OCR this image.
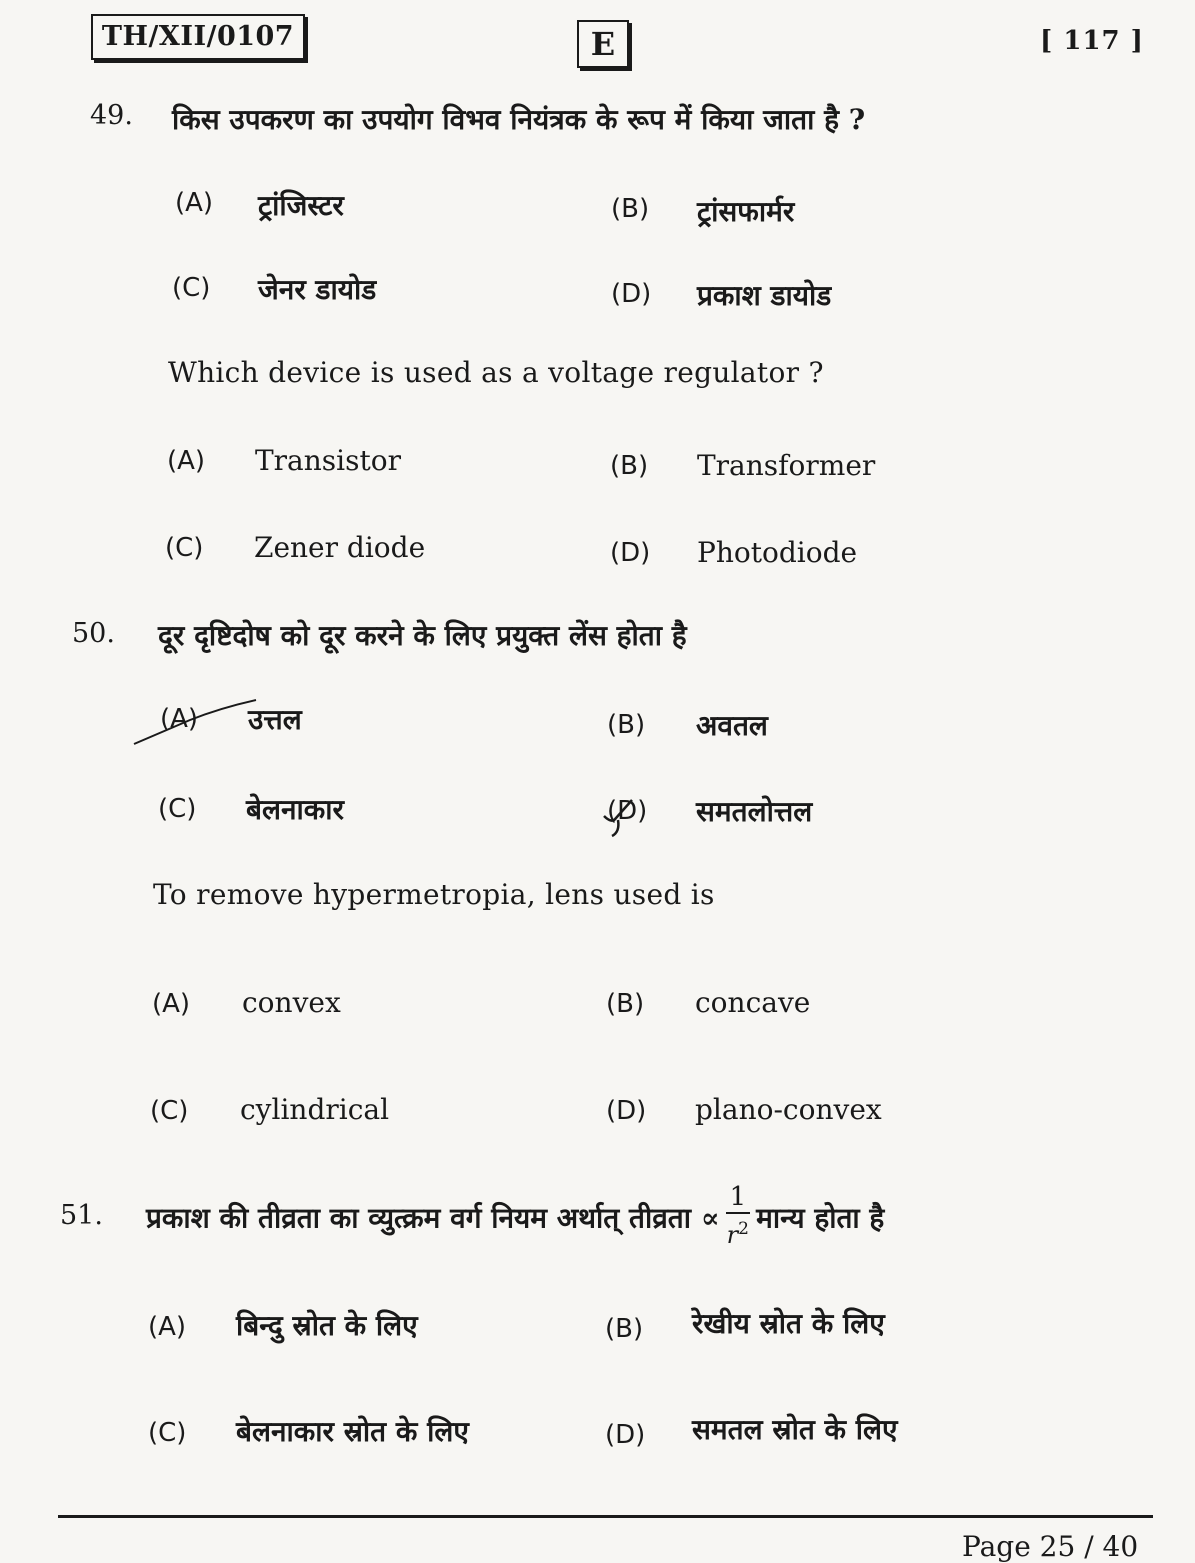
TH/XII/0107	E	[ 117 ]
49. किस उपकरण का उपयोग विभव नियंत्रक के रूप में किया जाता है ?
(A) ट्रांजिस्टर	(B) ट्रांसफार्मर
(C) जेनर डायोड	(D) प्रकाश डायोड
Which device is used as a voltage regulator ?
(A) Transistor	(B) Transformer
(C) Zener diode	(D) Photodiode
50. दूर दृष्टिदोष को दूर करने के लिए प्रयुक्त लेंस होता है
(A) उत्तल	(B) अवतल
(C) बेलनाकार	(D) समतलोत्तल
To remove hypermetropia, lens used is
(A) convex	(B) concave
(C) cylindrical	(D) plano-convex
51. प्रकाश की तीव्रता का व्युत्क्रम वर्ग नियम अर्थात् तीव्रता ∝ $\frac{1}{r^2}$ मान्य होता है
(A) बिन्दु स्रोत के लिए	(B) रेखीय स्रोत के लिए
(C) बेलनाकार स्रोत के लिए	(D) समतल स्रोत के लिए
Page 25 / 40
